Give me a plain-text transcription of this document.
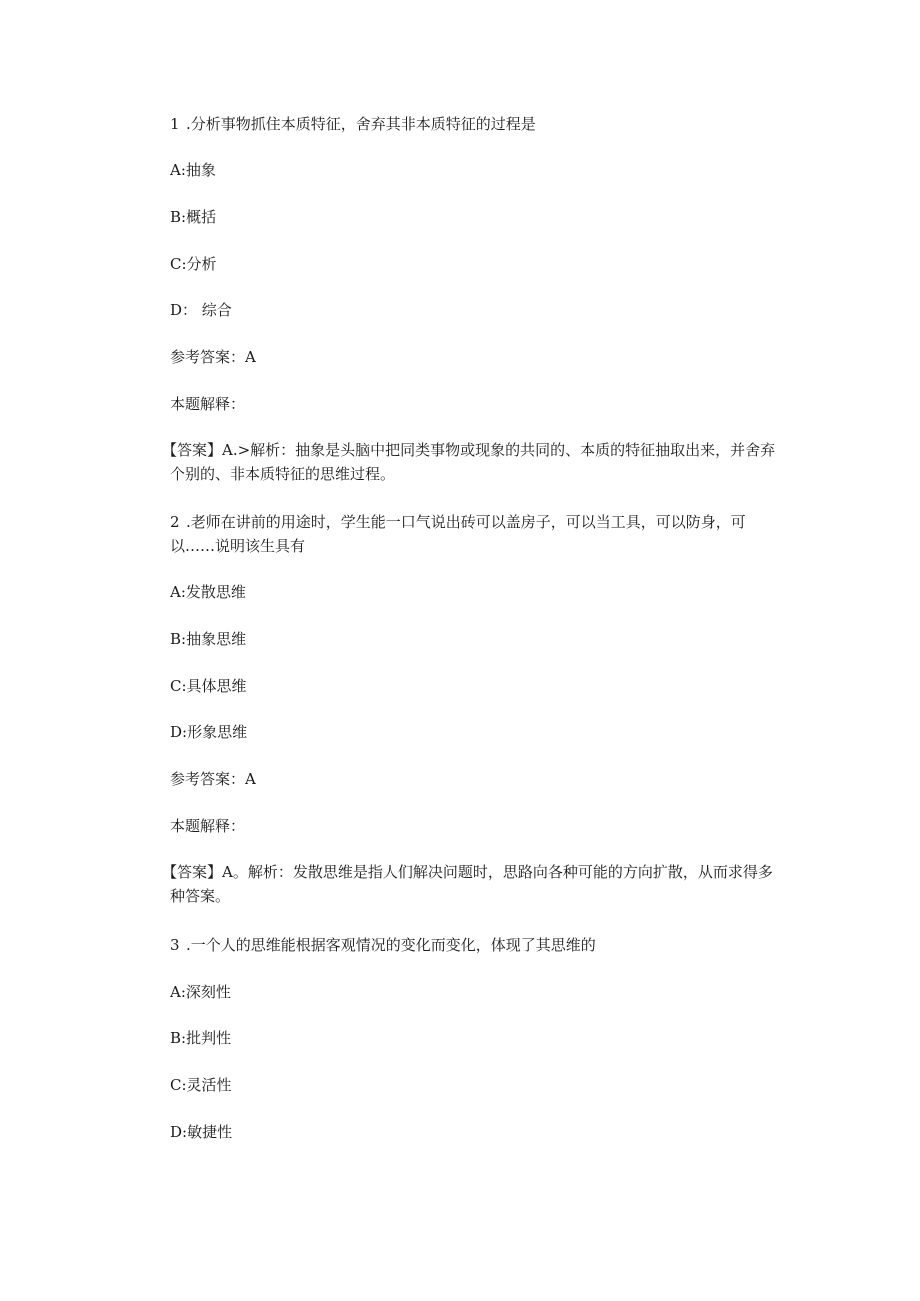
1 .分析事物抓住本质特征，舍弃其非本质特征的过程是
A:抽象
B:概括
C:分析
D： 综合
参考答案：A
本题解释：
【答案】A.>解析：抽象是头脑中把同类事物或现象的共同的、本质的特征抽取出来，并舍弃个别的、非本质特征的思维过程。
2 .老师在讲前的用途时，学生能一口气说出砖可以盖房子，可以当工具，可以防身，可以……说明该生具有
A:发散思维
B:抽象思维
C:具体思维
D:形象思维
参考答案：A
本题解释：
【答案】A。解析：发散思维是指人们解决问题时，思路向各种可能的方向扩散，从而求得多种答案。
3 .一个人的思维能根据客观情况的变化而变化，体现了其思维的
A:深刻性
B:批判性
C:灵活性
D:敏捷性
